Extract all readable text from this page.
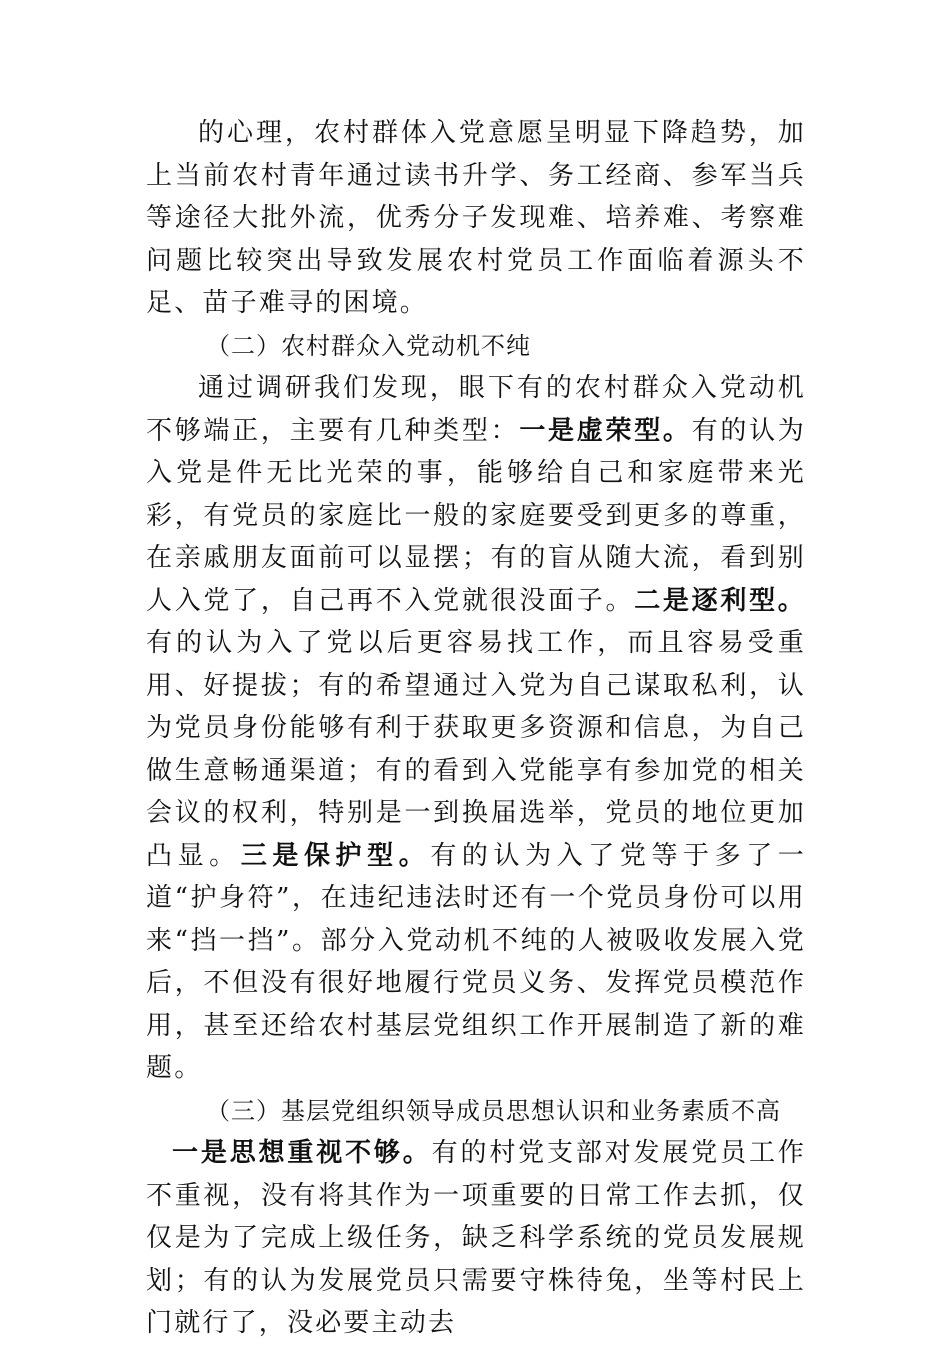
的心理，农村群体入党意愿呈明显下降趋势，加上当前农村青年通过读书升学、务工经商、参军当兵等途径大批外流，优秀分子发现难、培养难、考察难问题比较突出导致发展农村党员工作面临着源头不足、苗子难寻的困境。

（二）农村群众入党动机不纯

通过调研我们发现，眼下有的农村群众入党动机不够端正，主要有几种类型：一是虚荣型。有的认为入党是件无比光荣的事，能够给自己和家庭带来光彩，有党员的家庭比一般的家庭要受到更多的尊重，在亲戚朋友面前可以显摆；有的盲从随大流，看到别人入党了，自己再不入党就很没面子。二是逐利型。有的认为入了党以后更容易找工作，而且容易受重用、好提拔；有的希望通过入党为自己谋取私利，认为党员身份能够有利于获取更多资源和信息，为自己做生意畅通渠道；有的看到入党能享有参加党的相关会议的权利，特别是一到换届选举，党员的地位更加凸显。三是保护型。有的认为入了党等于多了一道“护身符”，在违纪违法时还有一个党员身份可以用来“挡一挡”。部分入党动机不纯的人被吸收发展入党后，不但没有很好地履行党员义务、发挥党员模范作用，甚至还给农村基层党组织工作开展制造了新的难题。

（三）基层党组织领导成员思想认识和业务素质不高

一是思想重视不够。有的村党支部对发展党员工作不重视，没有将其作为一项重要的日常工作去抓，仅仅是为了完成上级任务，缺乏科学系统的党员发展规划；有的认为发展党员只需要守株待兔，坐等村民上门就行了，没必要主动去
